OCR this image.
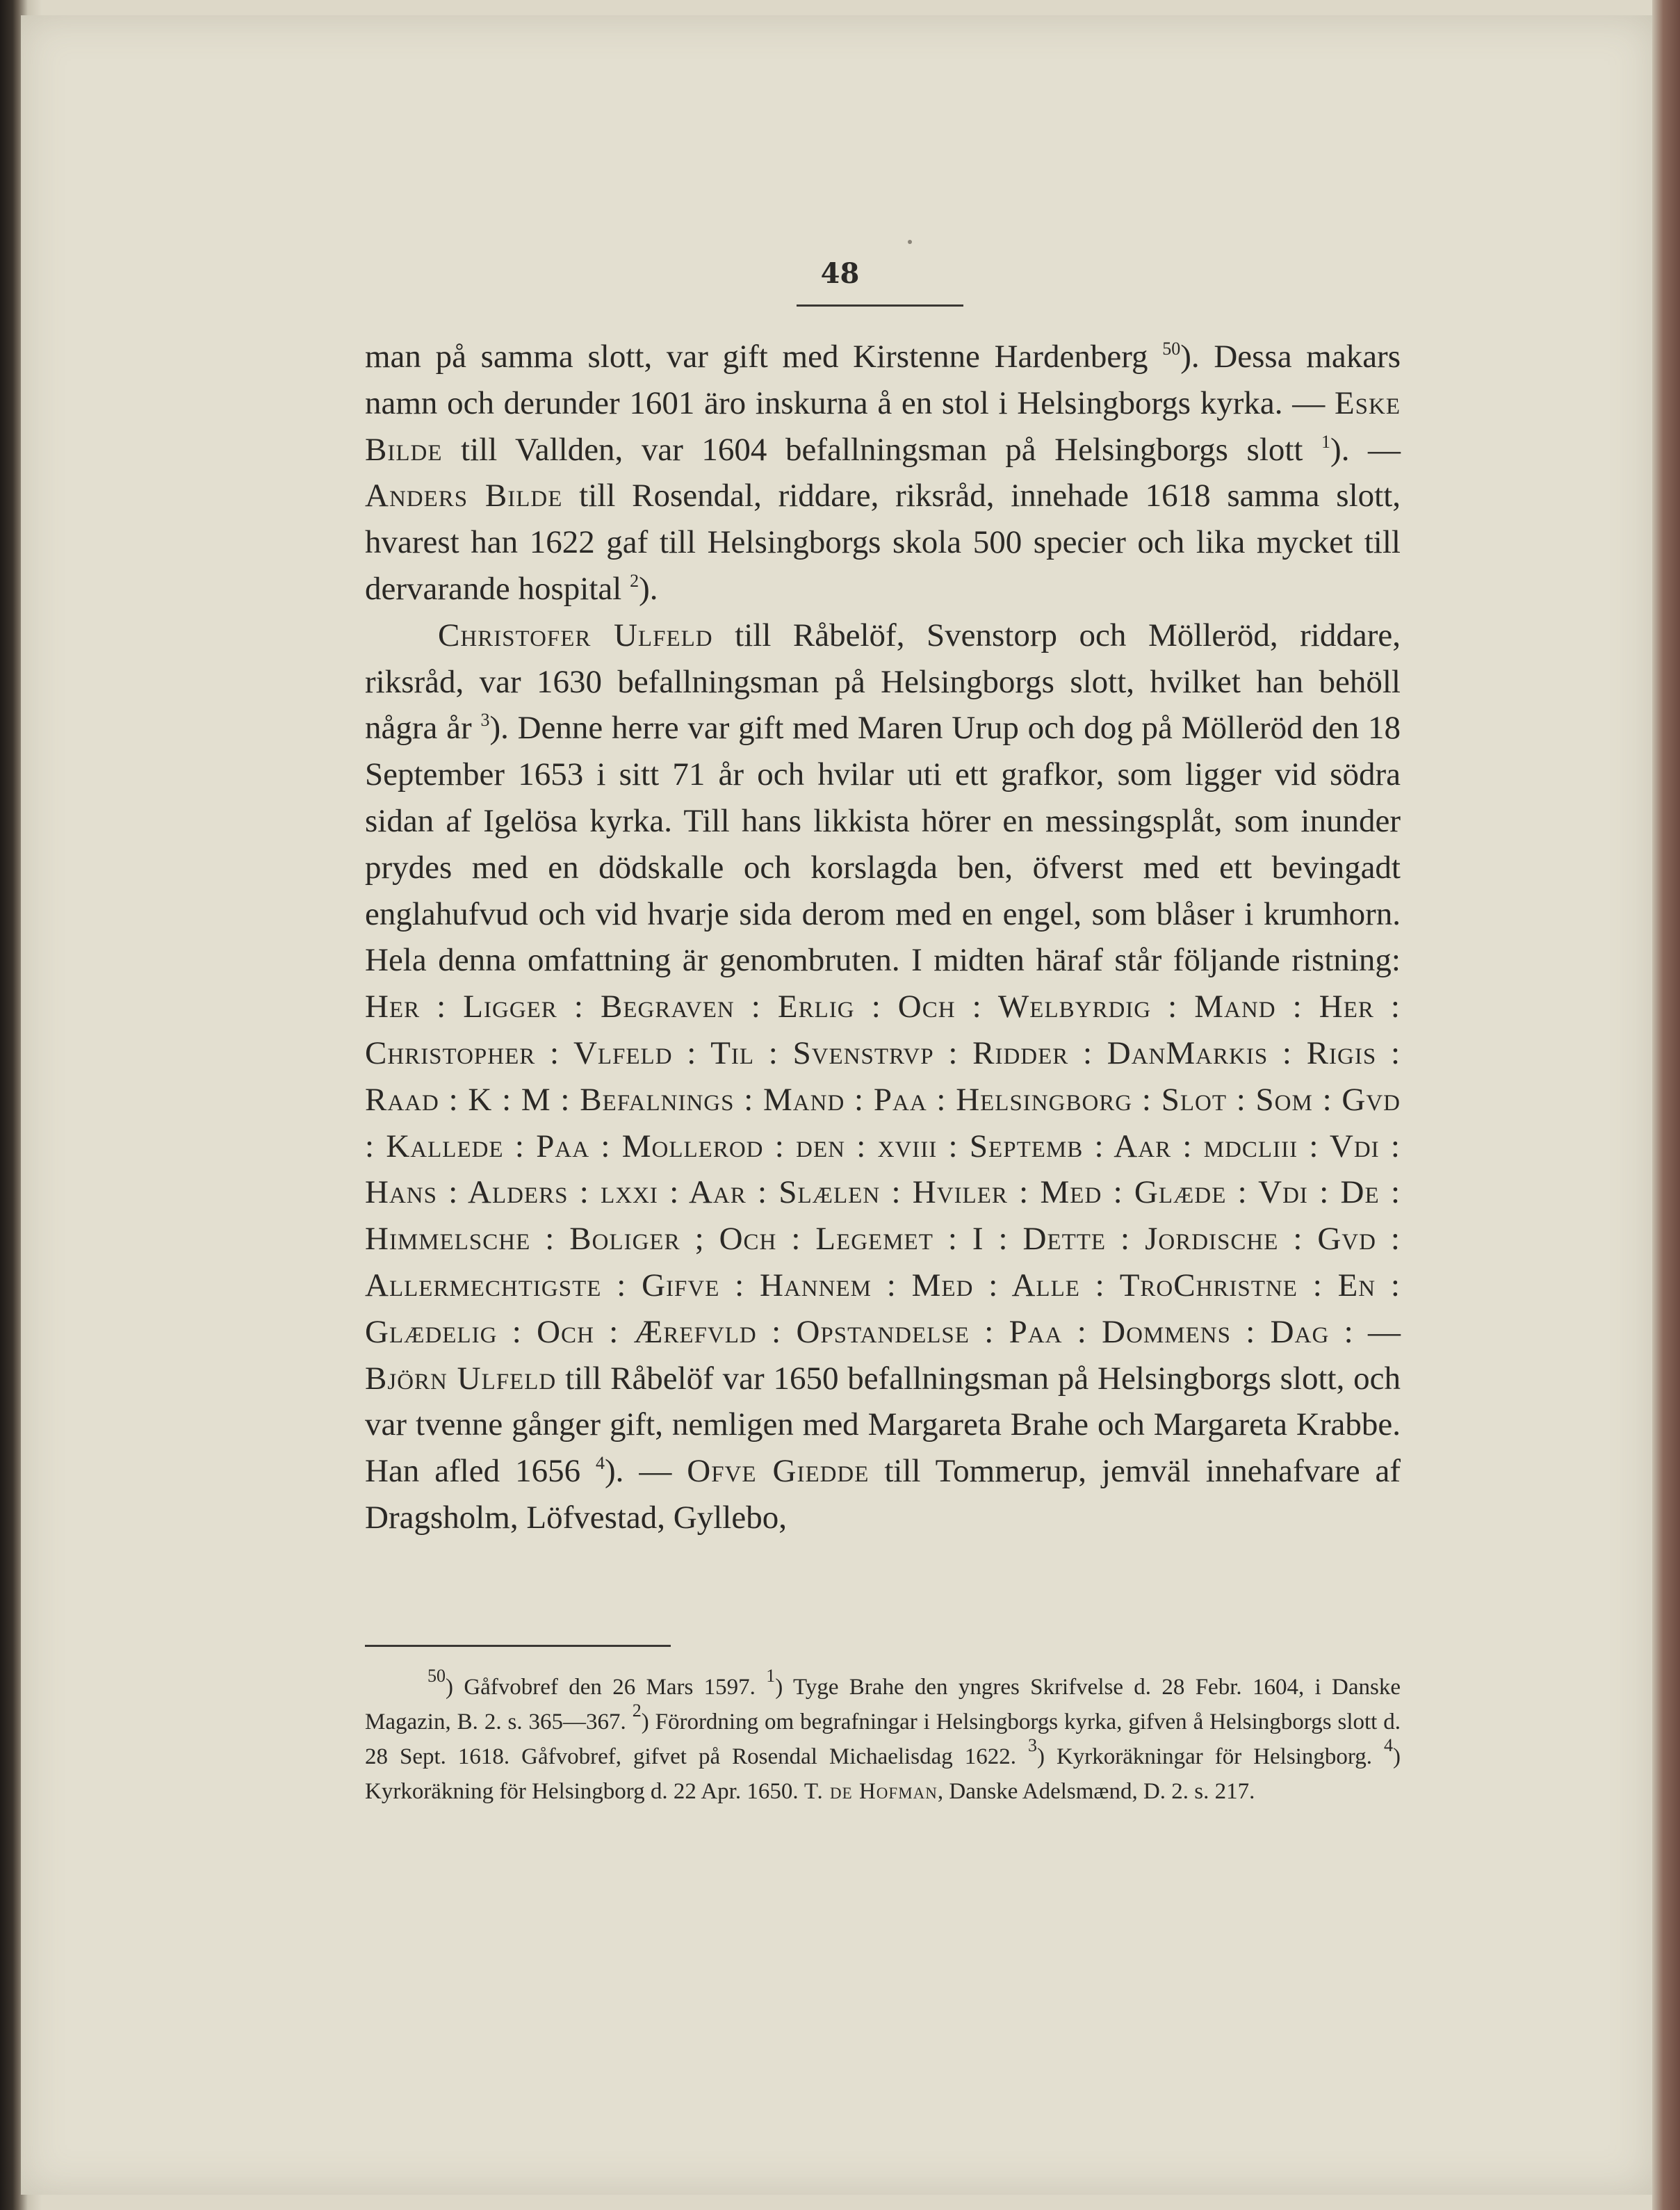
48

man på samma slott, var gift med Kirstenne Hardenberg $^{50}$). Dessa makars namn och derunder 1601 äro inskurna å en stol i Helsingborgs kyrka. — Eske Bilde till Vallden, var 1604 befallningsman på Helsingborgs slott $^1$). — Anders Bilde till Rosendal, riddare, riksråd, innehade 1618 samma slott, hvarest han 1622 gaf till Helsingborgs skola 500 specier och lika mycket till dervarande hospital $^2$).

Christofer Ulfeld till Råbelöf, Svenstorp och Mölleröd, riddare, riksråd, var 1630 befallningsman på Helsingborgs slott, hvilket han behöll några år $^3$). Denne herre var gift med Maren Urup och dog på Mölleröd den 18 September 1653 i sitt 71 år och hvilar uti ett grafkor, som ligger vid södra sidan af Igelösa kyrka. Till hans likkista hörer en messingsplåt, som inunder prydes med en dödskalle och korslagda ben, öfverst med ett bevingadt englahufvud och vid hvarje sida derom med en engel, som blåser i krumhorn. Hela denna omfattning är genombruten. I midten häraf står följande ristning: Her : Ligger : Begraven : Erlig : Och : Welbyrdig : Mand : Her : Christopher : Vlfeld : Til : Svenstrvp : Ridder : DanMarkis : Rigis : Raad : K : M : Befalnings : Mand : Paa : Helsingborg : Slot : Som : Gvd : Kallede : Paa : Mollerod : den : xviii : Septemb : Aar : mdcliii : Vdi : Hans : Alders : lxxi : Aar : Slælen : Hviler : Med : Glæde : Vdi : De : Himmelsche : Boliger ; Och : Legemet : I : Dette : Jordische : Gvd : Allermechtigste : Gifve : Hannem : Med : Alle : TroChristne : En : Glædelig : Och : Ærefvld : Opstandelse : Paa : Dommens : Dag : — Björn Ulfeld till Råbelöf var 1650 befallningsman på Helsingborgs slott, och var tvenne gånger gift, nemligen med Margareta Brahe och Margareta Krabbe. Han afled 1656 $^4$). — Ofve Giedde till Tommerup, jemväl innehafvare af Dragsholm, Löfvestad, Gyllebo,

$^{50}$) Gåfvobref den 26 Mars 1597. $^1$) Tyge Brahe den yngres Skrifvelse d. 28 Febr. 1604, i Danske Magazin, B. 2. s. 365—367. $^2$) Förordning om begrafningar i Helsingborgs kyrka, gifven å Helsingborgs slott d. 28 Sept. 1618. Gåfvobref, gifvet på Rosendal Michaelisdag 1622. $^3$) Kyrkoräkningar för Helsingborg. $^4$) Kyrkoräkning för Helsingborg d. 22 Apr. 1650. T. de Hofman, Danske Adelsmænd, D. 2. s. 217.
